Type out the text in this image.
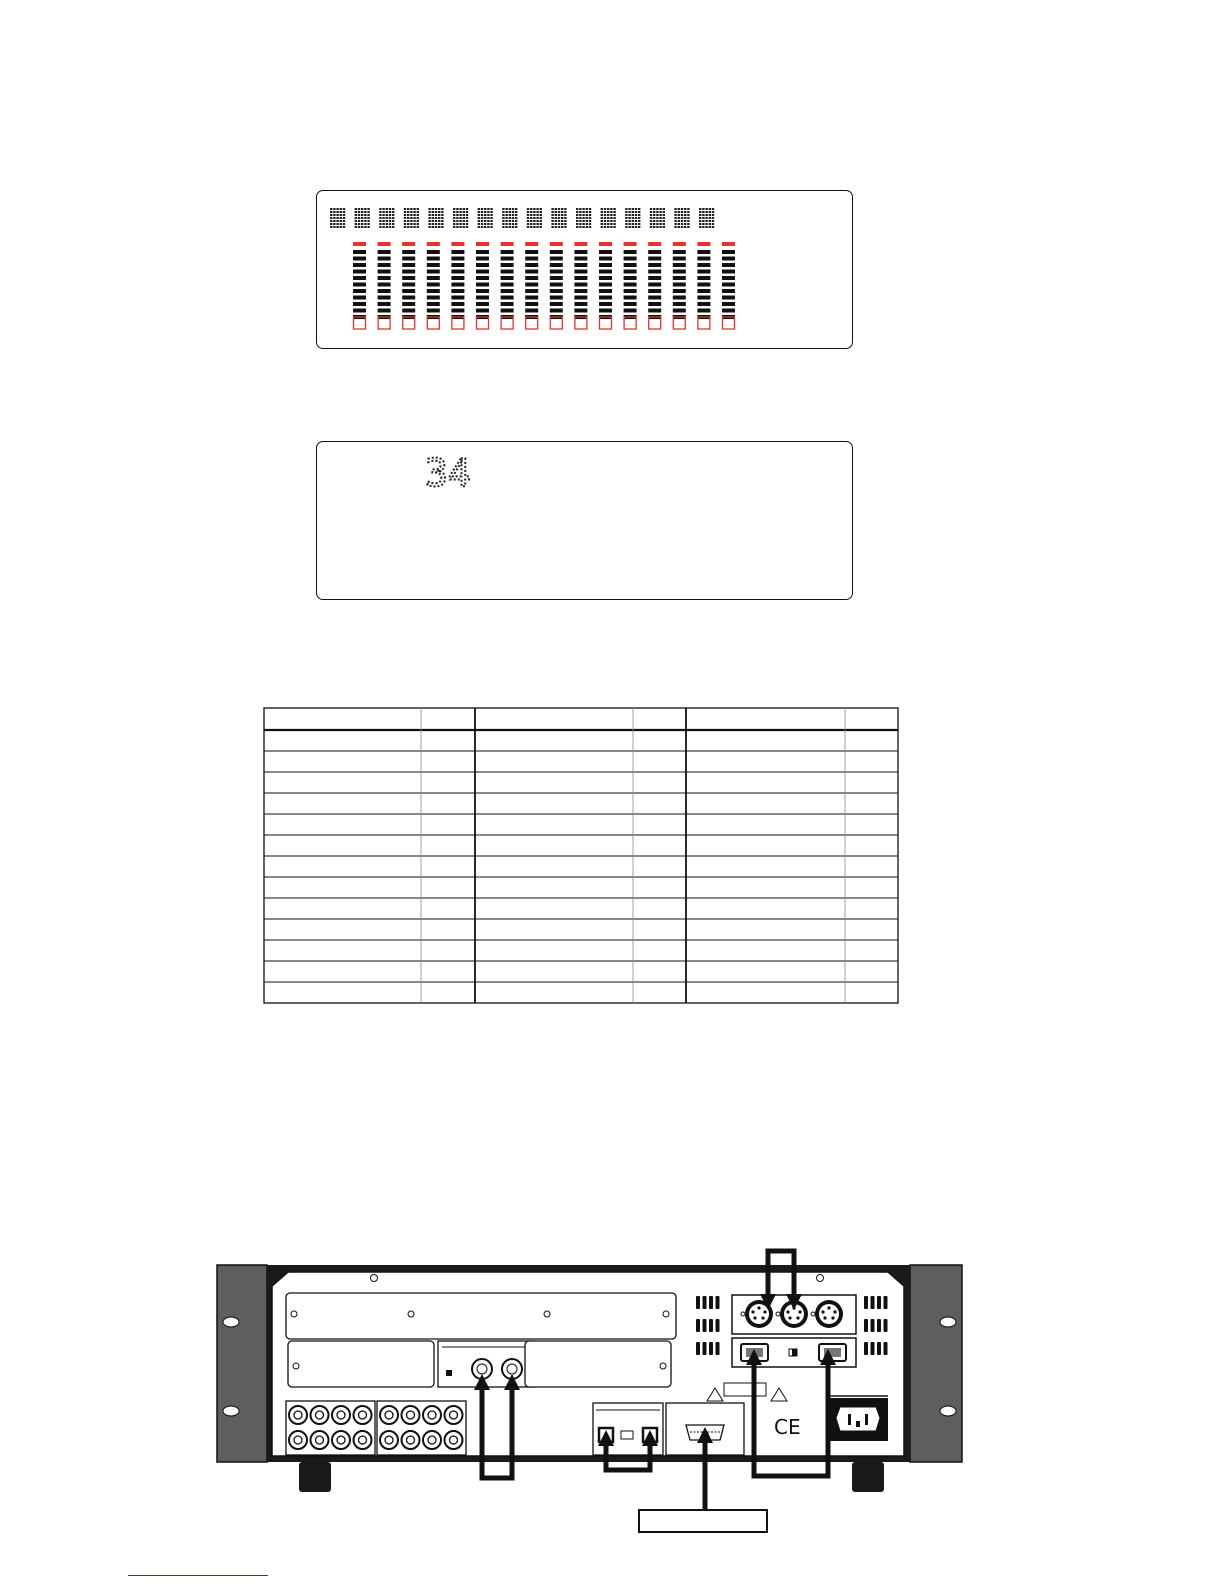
34
CE
